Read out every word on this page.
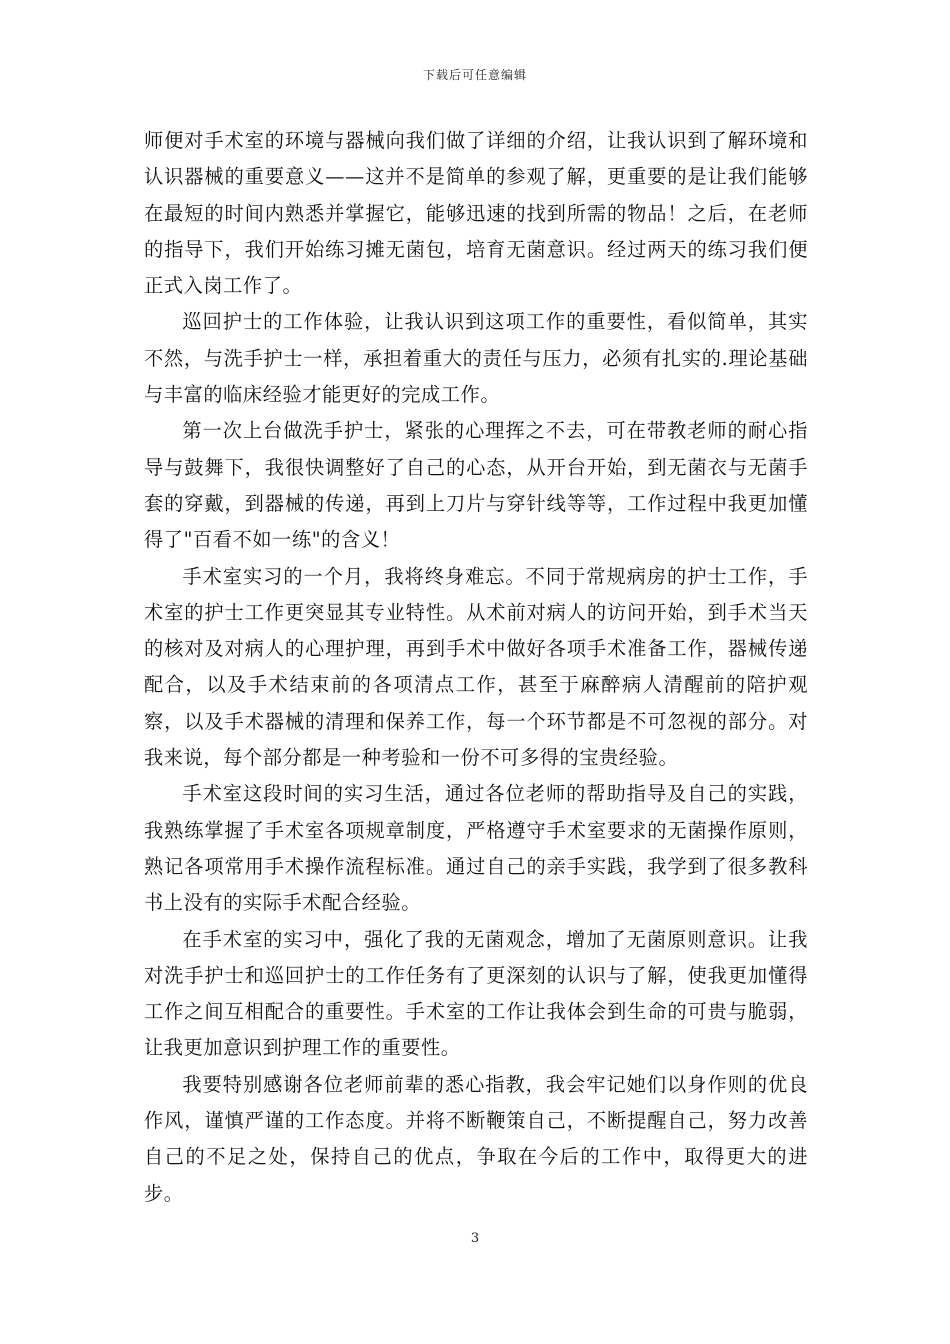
下载后可任意编辑

师便对手术室的环境与器械向我们做了详细的介绍，让我认识到了解环境和认识器械的重要意义——这并不是简单的参观了解，更重要的是让我们能够在最短的时间内熟悉并掌握它，能够迅速的找到所需的物品！之后，在老师的指导下，我们开始练习摊无菌包，培育无菌意识。经过两天的练习我们便正式入岗工作了。

巡回护士的工作体验，让我认识到这项工作的重要性，看似简单，其实不然，与洗手护士一样，承担着重大的责任与压力，必须有扎实的.理论基础与丰富的临床经验才能更好的完成工作。

第一次上台做洗手护士，紧张的心理挥之不去，可在带教老师的耐心指导与鼓舞下，我很快调整好了自己的心态，从开台开始，到无菌衣与无菌手套的穿戴，到器械的传递，再到上刀片与穿针线等等，工作过程中我更加懂得了"百看不如一练"的含义！

手术室实习的一个月，我将终身难忘。不同于常规病房的护士工作，手术室的护士工作更突显其专业特性。从术前对病人的访问开始，到手术当天的核对及对病人的心理护理，再到手术中做好各项手术准备工作，器械传递配合，以及手术结束前的各项清点工作，甚至于麻醉病人清醒前的陪护观察，以及手术器械的清理和保养工作，每一个环节都是不可忽视的部分。对我来说，每个部分都是一种考验和一份不可多得的宝贵经验。

手术室这段时间的实习生活，通过各位老师的帮助指导及自己的实践，我熟练掌握了手术室各项规章制度，严格遵守手术室要求的无菌操作原则，熟记各项常用手术操作流程标准。通过自己的亲手实践，我学到了很多教科书上没有的实际手术配合经验。

在手术室的实习中，强化了我的无菌观念，增加了无菌原则意识。让我对洗手护士和巡回护士的工作任务有了更深刻的认识与了解，使我更加懂得工作之间互相配合的重要性。手术室的工作让我体会到生命的可贵与脆弱，让我更加意识到护理工作的重要性。

我要特别感谢各位老师前辈的悉心指教，我会牢记她们以身作则的优良作风，谨慎严谨的工作态度。并将不断鞭策自己，不断提醒自己，努力改善自己的不足之处，保持自己的优点，争取在今后的工作中，取得更大的进步。

3
